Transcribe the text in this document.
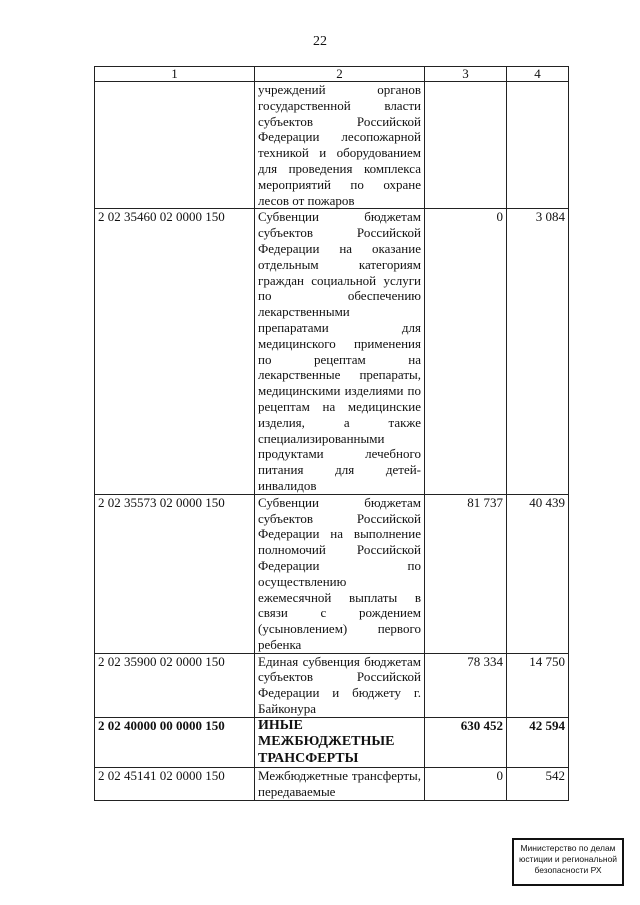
22
1	2	3	4
	учреждений органов государственной власти субъектов Российской Федерации лесопожарной техникой и оборудованием для проведения комплекса мероприятий по охране лесов от пожаров		
2 02 35460 02 0000 150	Субвенции бюджетам субъектов Российской Федерации на оказание отдельным категориям граждан социальной услуги по обеспечению лекарственными препаратами для медицинского применения по рецептам на лекарственные препараты, медицинскими изделиями по рецептам на медицинские изделия, а также специализированными продуктами лечебного питания для детей-инвалидов	0	3 084
2 02 35573 02 0000 150	Субвенции бюджетам субъектов Российской Федерации на выполнение полномочий Российской Федерации по осуществлению ежемесячной выплаты в связи с рождением (усыновлением) первого ребенка	81 737	40 439
2 02 35900 02 0000 150	Единая субвенция бюджетам субъектов Российской Федерации и бюджету г. Байконура	78 334	14 750
2 02 40000 00 0000 150	ИНЫЕ МЕЖБЮДЖЕТНЫЕ ТРАНСФЕРТЫ	630 452	42 594
2 02 45141 02 0000 150	Межбюджетные трансферты, передаваемые	0	542
Министерство по делам
юстиции и региональной
безопасности РХ
